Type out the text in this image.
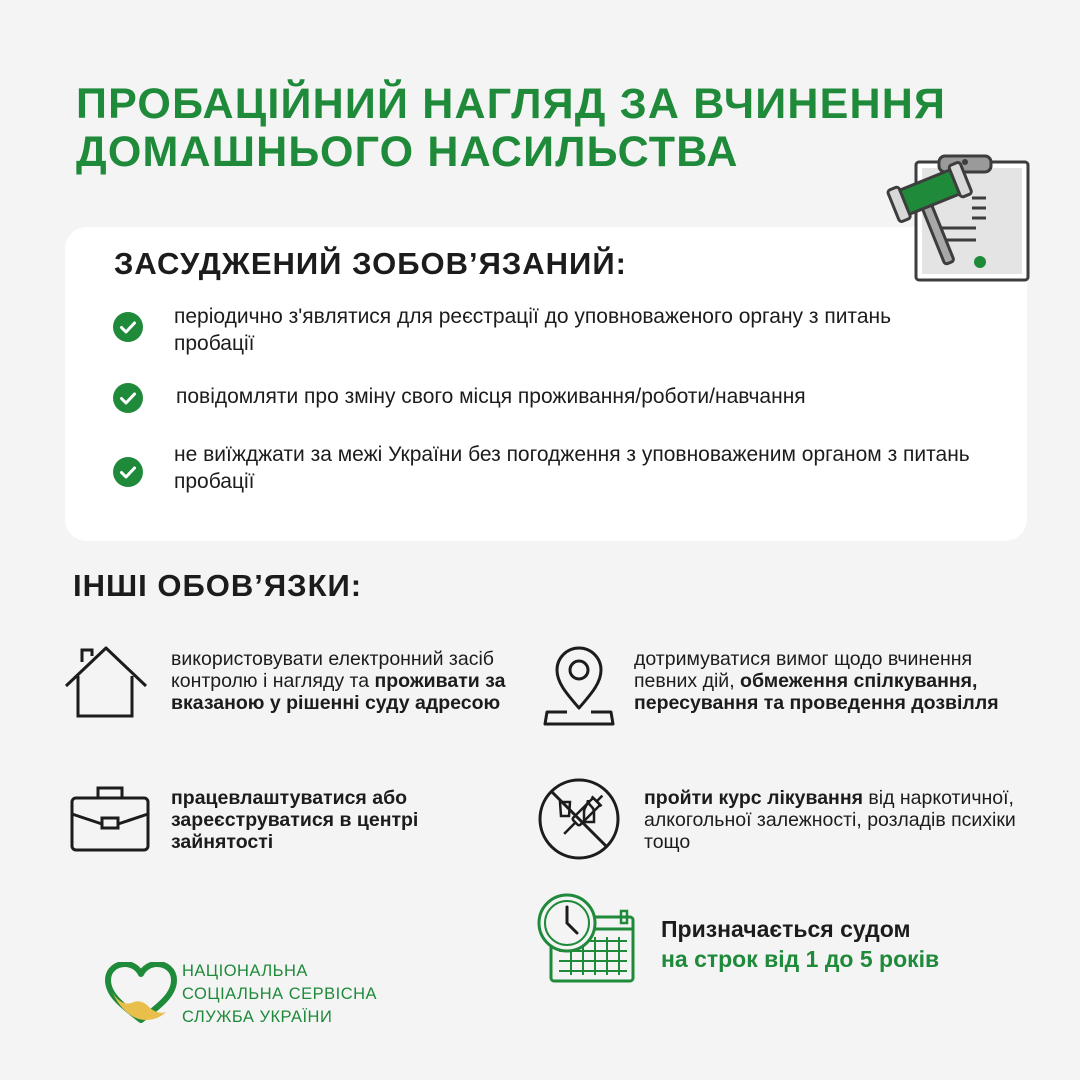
ПРОБАЦІЙНИЙ НАГЛЯД ЗА ВЧИНЕННЯ
ДОМАШНЬОГО НАСИЛЬСТВА
ЗАСУДЖЕНИЙ ЗОБОВ’ЯЗАНИЙ:

періодично з'являтися для реєстрації до уповноваженого органу з питань пробації

повідомляти про зміну свого місця проживання/роботи/навчання

не виїжджати за межі України без погодження з уповноваженим органом з питань пробації

ІНШІ ОБОВ’ЯЗКИ:

використовувати електронний засіб контролю і нагляду та проживати за вказаною у рішенні суду адресою

дотримуватися вимог щодо вчинення певних дій, обмеження спілкування, пересування та проведення дозвілля

працевлаштуватися або зареєструватися в центрі зайнятості

пройти курс лікування від наркотичної, алкогольної залежності, розладів психіки тощо

Призначається судом
на строк від 1 до 5 років

НАЦІОНАЛЬНА
СОЦІАЛЬНА СЕРВІСНА
СЛУЖБА УКРАЇНИ
